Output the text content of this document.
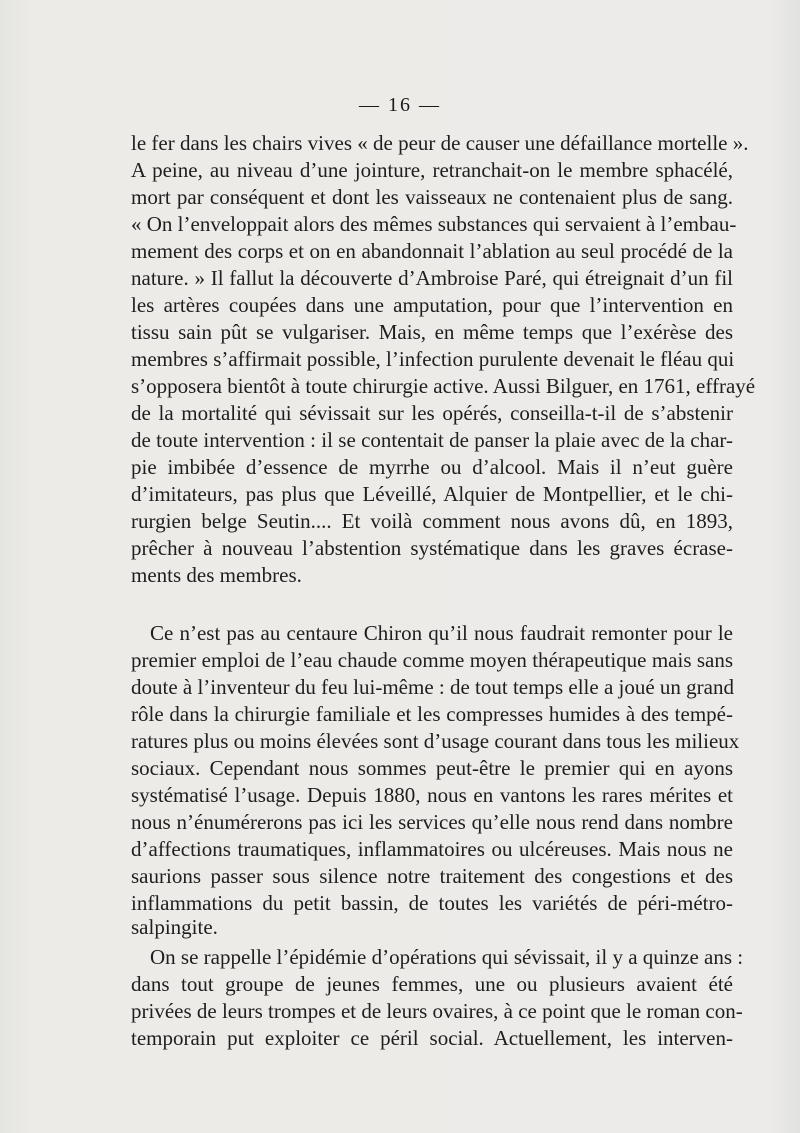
— 16 —
le fer dans les chairs vives « de peur de causer une défaillance mortelle ».
A peine, au niveau d’une jointure, retranchait-on le membre sphacélé,
mort par conséquent et dont les vaisseaux ne contenaient plus de sang.
« On l’enveloppait alors des mêmes substances qui servaient à l’embau-
mement des corps et on en abandonnait l’ablation au seul procédé de la
nature. » Il fallut la découverte d’Ambroise Paré, qui étreignait d’un fil
les artères coupées dans une amputation, pour que l’intervention en
tissu sain pût se vulgariser. Mais, en même temps que l’exérèse des
membres s’affirmait possible, l’infection purulente devenait le fléau qui
s’opposera bientôt à toute chirurgie active. Aussi Bilguer, en 1761, effrayé
de la mortalité qui sévissait sur les opérés, conseilla-t-il de s’abstenir
de toute intervention : il se contentait de panser la plaie avec de la char-
pie imbibée d’essence de myrrhe ou d’alcool. Mais il n’eut guère
d’imitateurs, pas plus que Léveillé, Alquier de Montpellier, et le chi-
rurgien belge Seutin.... Et voilà comment nous avons dû, en 1893,
prêcher à nouveau l’abstention systématique dans les graves écrase-
ments des membres.
Ce n’est pas au centaure Chiron qu’il nous faudrait remonter pour le
premier emploi de l’eau chaude comme moyen thérapeutique mais sans
doute à l’inventeur du feu lui-même : de tout temps elle a joué un grand
rôle dans la chirurgie familiale et les compresses humides à des tempé-
ratures plus ou moins élevées sont d’usage courant dans tous les milieux
sociaux. Cependant nous sommes peut-être le premier qui en ayons
systématisé l’usage. Depuis 1880, nous en vantons les rares mérites et
nous n’énumérerons pas ici les services qu’elle nous rend dans nombre
d’affections traumatiques, inflammatoires ou ulcéreuses. Mais nous ne
saurions passer sous silence notre traitement des congestions et des
inflammations du petit bassin, de toutes les variétés de péri-métro-
salpingite.
On se rappelle l’épidémie d’opérations qui sévissait, il y a quinze ans :
dans tout groupe de jeunes femmes, une ou plusieurs avaient été
privées de leurs trompes et de leurs ovaires, à ce point que le roman con-
temporain put exploiter ce péril social. Actuellement, les interven-
